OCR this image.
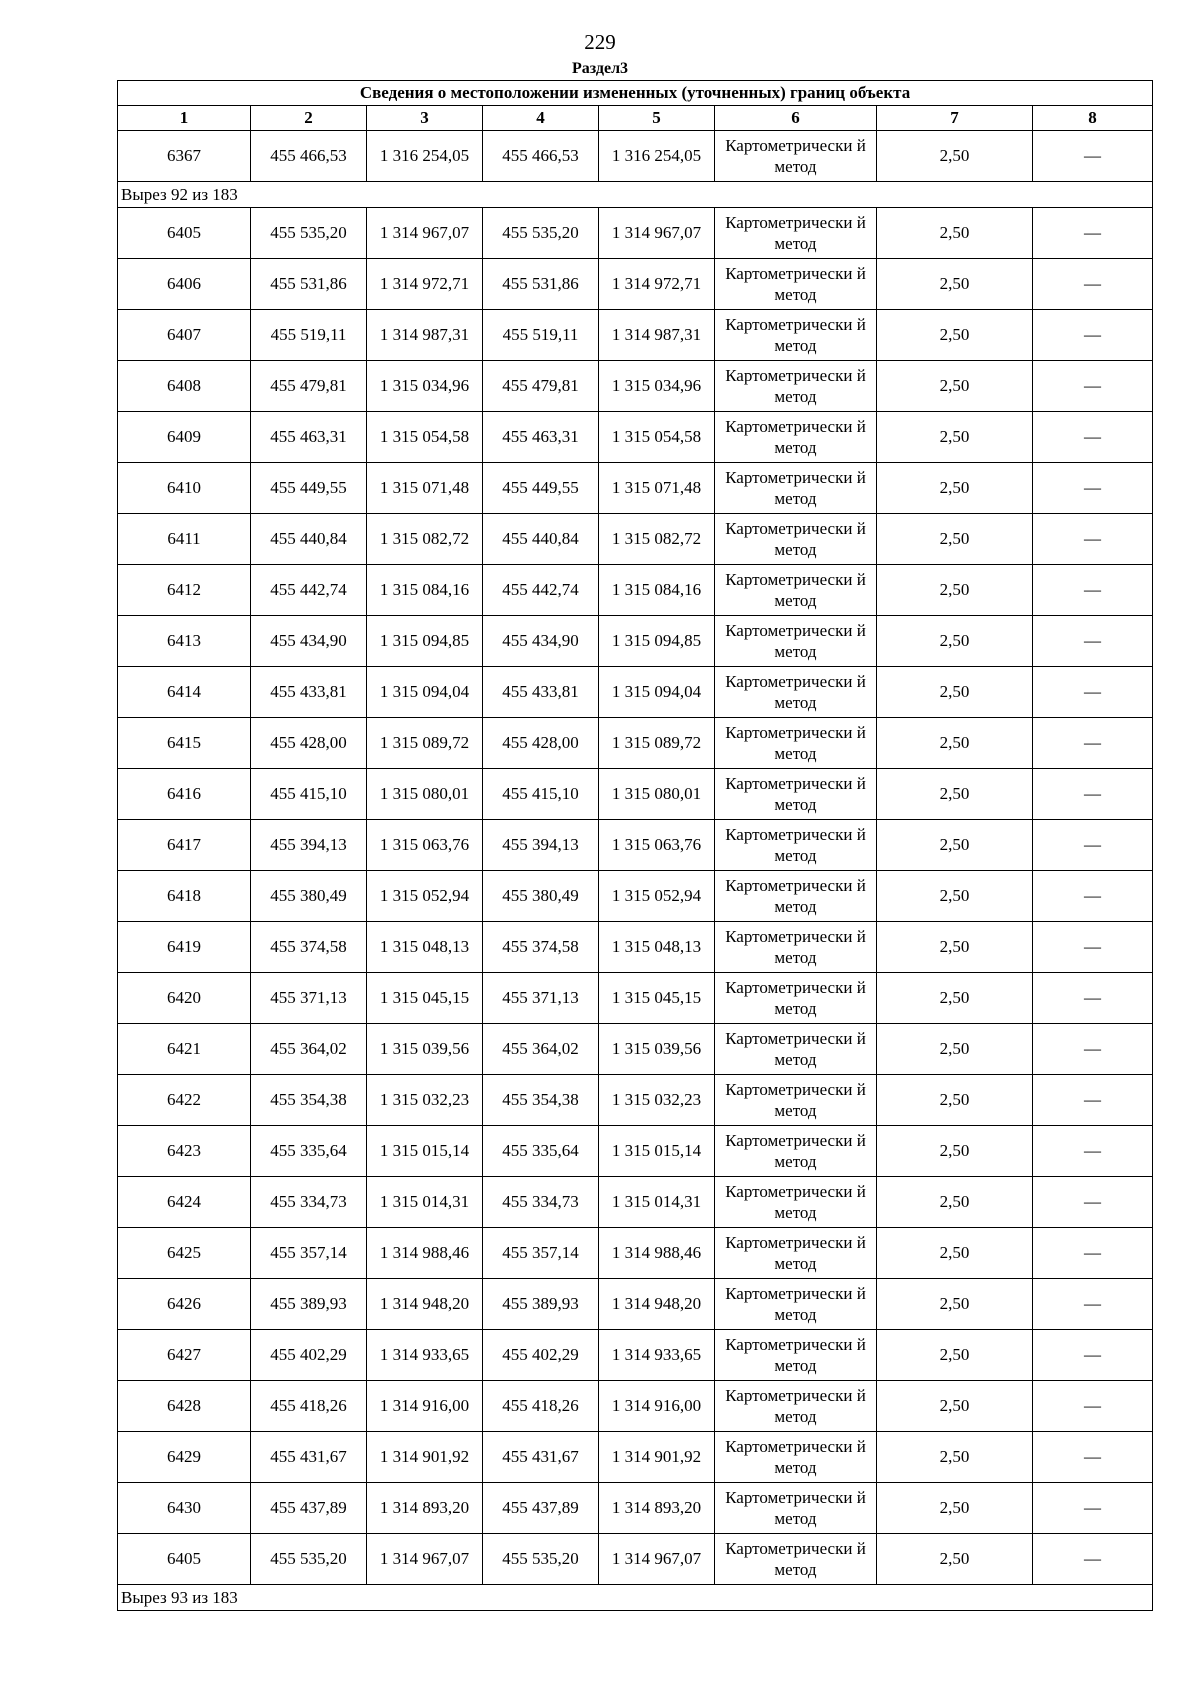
229
Раздел3
Сведения о местоположении измененных (уточненных) границ объекта							
1	2	3	4	5	6	7	8
6367	455 466,53	1 316 254,05	455 466,53	1 316 254,05	Картометрически й метод	2,50	—
Вырез 92 из 183							
6405	455 535,20	1 314 967,07	455 535,20	1 314 967,07	Картометрически й метод	2,50	—
6406	455 531,86	1 314 972,71	455 531,86	1 314 972,71	Картометрически й метод	2,50	—
6407	455 519,11	1 314 987,31	455 519,11	1 314 987,31	Картометрически й метод	2,50	—
6408	455 479,81	1 315 034,96	455 479,81	1 315 034,96	Картометрически й метод	2,50	—
6409	455 463,31	1 315 054,58	455 463,31	1 315 054,58	Картометрически й метод	2,50	—
6410	455 449,55	1 315 071,48	455 449,55	1 315 071,48	Картометрически й метод	2,50	—
6411	455 440,84	1 315 082,72	455 440,84	1 315 082,72	Картометрически й метод	2,50	—
6412	455 442,74	1 315 084,16	455 442,74	1 315 084,16	Картометрически й метод	2,50	—
6413	455 434,90	1 315 094,85	455 434,90	1 315 094,85	Картометрически й метод	2,50	—
6414	455 433,81	1 315 094,04	455 433,81	1 315 094,04	Картометрически й метод	2,50	—
6415	455 428,00	1 315 089,72	455 428,00	1 315 089,72	Картометрически й метод	2,50	—
6416	455 415,10	1 315 080,01	455 415,10	1 315 080,01	Картометрически й метод	2,50	—
6417	455 394,13	1 315 063,76	455 394,13	1 315 063,76	Картометрически й метод	2,50	—
6418	455 380,49	1 315 052,94	455 380,49	1 315 052,94	Картометрически й метод	2,50	—
6419	455 374,58	1 315 048,13	455 374,58	1 315 048,13	Картометрически й метод	2,50	—
6420	455 371,13	1 315 045,15	455 371,13	1 315 045,15	Картометрически й метод	2,50	—
6421	455 364,02	1 315 039,56	455 364,02	1 315 039,56	Картометрически й метод	2,50	—
6422	455 354,38	1 315 032,23	455 354,38	1 315 032,23	Картометрически й метод	2,50	—
6423	455 335,64	1 315 015,14	455 335,64	1 315 015,14	Картометрически й метод	2,50	—
6424	455 334,73	1 315 014,31	455 334,73	1 315 014,31	Картометрически й метод	2,50	—
6425	455 357,14	1 314 988,46	455 357,14	1 314 988,46	Картометрически й метод	2,50	—
6426	455 389,93	1 314 948,20	455 389,93	1 314 948,20	Картометрически й метод	2,50	—
6427	455 402,29	1 314 933,65	455 402,29	1 314 933,65	Картометрически й метод	2,50	—
6428	455 418,26	1 314 916,00	455 418,26	1 314 916,00	Картометрически й метод	2,50	—
6429	455 431,67	1 314 901,92	455 431,67	1 314 901,92	Картометрически й метод	2,50	—
6430	455 437,89	1 314 893,20	455 437,89	1 314 893,20	Картометрически й метод	2,50	—
6405	455 535,20	1 314 967,07	455 535,20	1 314 967,07	Картометрически й метод	2,50	—
Вырез 93 из 183							
